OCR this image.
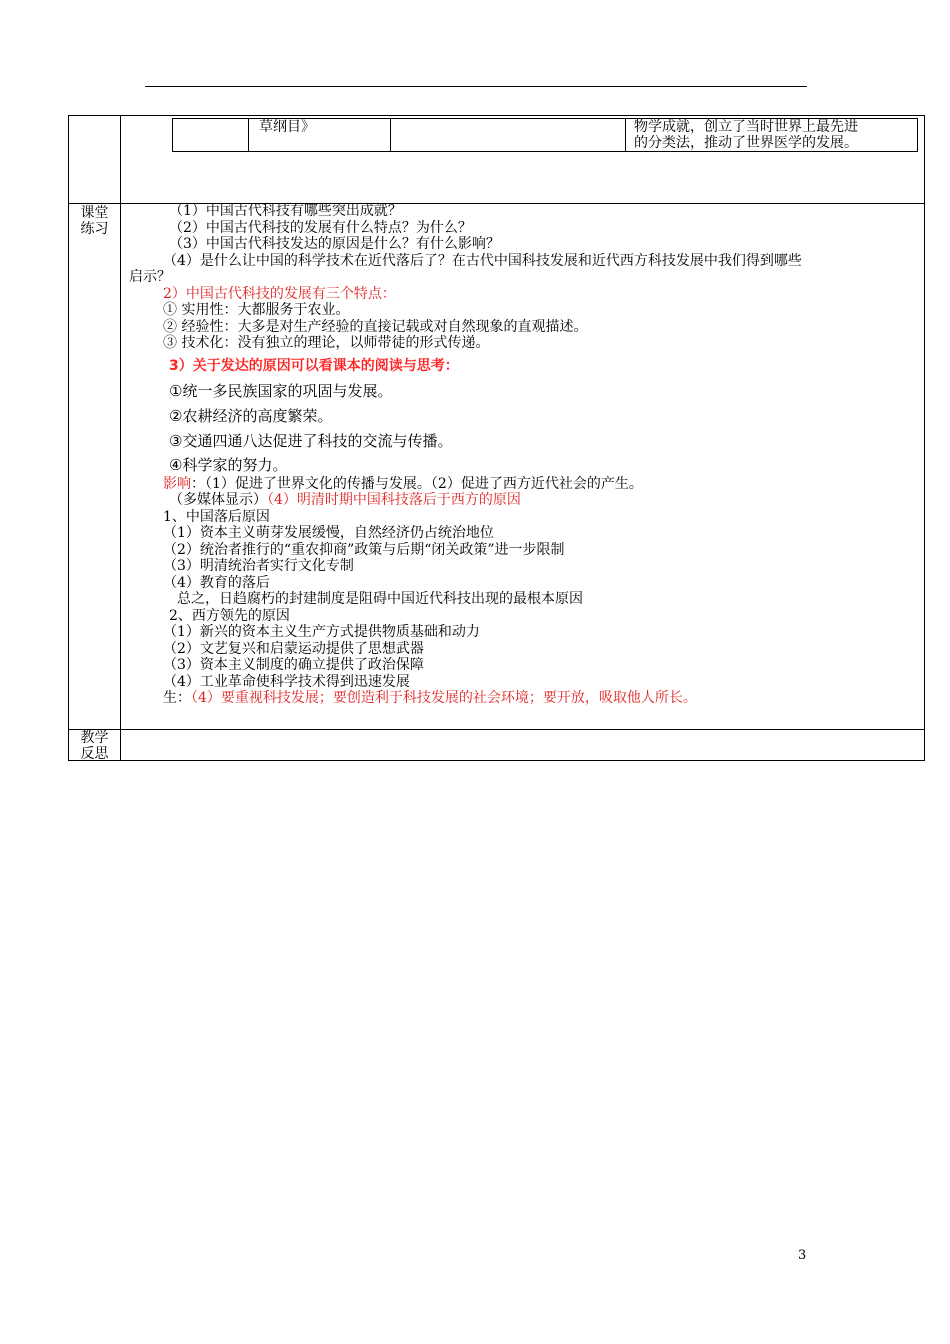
草纲目》	物学成就，创立了当时世界上最先进
的分类法，推动了世界医学的发展。
课堂
练习
教学
反思
（1）中国古代科技有哪些突出成就？
（2）中国古代科技的发展有什么特点？为什么？
（3）中国古代科技发达的原因是什么？有什么影响？
（4）是什么让中国的科学技术在近代落后了？在古代中国科技发展和近代西方科技发展中我们得到哪些
启示？
2）中国古代科技的发展有三个特点：
① 实用性：大都服务于农业。
② 经验性：大多是对生产经验的直接记载或对自然现象的直观描述。
③ 技术化：没有独立的理论，以师带徒的形式传递。
3）关于发达的原因可以看课本的阅读与思考：
①统一多民族国家的巩固与发展。
②农耕经济的高度繁荣。
③交通四通八达促进了科技的交流与传播。
④科学家的努力。
影响：（1）促进了世界文化的传播与发展。（2）促进了西方近代社会的产生。
（多媒体显示）（4）明清时期中国科技落后于西方的原因
1、中国落后原因
（1）资本主义萌芽发展缓慢，自然经济仍占统治地位
（2）统治者推行的“重农抑商”政策与后期“闭关政策”进一步限制
（3）明清统治者实行文化专制
（4）教育的落后
总之，日趋腐朽的封建制度是阻碍中国近代科技出现的最根本原因
2、西方领先的原因
（1）新兴的资本主义生产方式提供物质基础和动力
（2）文艺复兴和启蒙运动提供了思想武器
（3）资本主义制度的确立提供了政治保障
（4）工业革命使科学技术得到迅速发展
生：（4）要重视科技发展；要创造利于科技发展的社会环境；要开放，吸取他人所长。
3
